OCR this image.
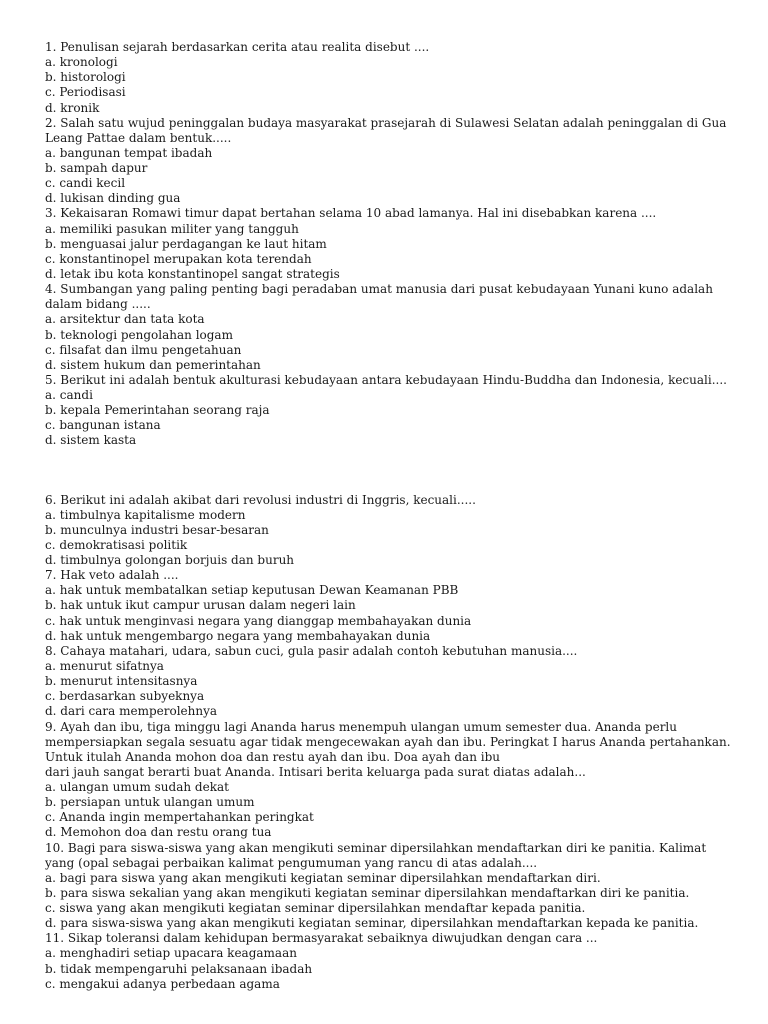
1. Penulisan sejarah berdasarkan cerita atau realita disebut ....
a. kronologi
b. historologi
c. Periodisasi
d. kronik
2. Salah satu wujud peninggalan budaya masyarakat prasejarah di Sulawesi Selatan adalah peninggalan di Gua
Leang Pattae dalam bentuk.....
a. bangunan tempat ibadah
b. sampah dapur
c. candi kecil
d. lukisan dinding gua
3. Kekaisaran Romawi timur dapat bertahan selama 10 abad lamanya. Hal ini disebabkan karena ....
a. memiliki pasukan militer yang tangguh
b. menguasai jalur perdagangan ke laut hitam
c. konstantinopel merupakan kota terendah
d. letak ibu kota konstantinopel sangat strategis
4. Sumbangan yang paling penting bagi peradaban umat manusia dari pusat kebudayaan Yunani kuno adalah
dalam bidang .....
a. arsitektur dan tata kota
b. teknologi pengolahan logam
c. filsafat dan ilmu pengetahuan
d. sistem hukum dan pemerintahan
5. Berikut ini adalah bentuk akulturasi kebudayaan antara kebudayaan Hindu-Buddha dan Indonesia, kecuali....
a. candi
b. kepala Pemerintahan seorang raja
c. bangunan istana
d. sistem kasta
6. Berikut ini adalah akibat dari revolusi industri di Inggris, kecuali.....
a. timbulnya kapitalisme modern
b. munculnya industri besar-besaran
c. demokratisasi politik
d. timbulnya golongan borjuis dan buruh
7. Hak veto adalah ....
a. hak untuk membatalkan setiap keputusan Dewan Keamanan PBB
b. hak untuk ikut campur urusan dalam negeri lain
c. hak untuk menginvasi negara yang dianggap membahayakan dunia
d. hak untuk mengembargo negara yang membahayakan dunia
8. Cahaya matahari, udara, sabun cuci, gula pasir adalah contoh kebutuhan manusia....
a. menurut sifatnya
b. menurut intensitasnya
c. berdasarkan subyeknya
d. dari cara memperolehnya
9. Ayah dan ibu, tiga minggu lagi Ananda harus menempuh ulangan umum semester dua. Ananda perlu
mempersiapkan segala sesuatu agar tidak mengecewakan ayah dan ibu. Peringkat I harus Ananda pertahankan.
Untuk itulah Ananda mohon doa dan restu ayah dan ibu. Doa ayah dan ibu
dari jauh sangat berarti buat Ananda. Intisari berita keluarga pada surat diatas adalah...
a. ulangan umum sudah dekat
b. persiapan untuk ulangan umum
c. Ananda ingin mempertahankan peringkat
d. Memohon doa dan restu orang tua
10. Bagi para siswa-siswa yang akan mengikuti seminar dipersilahkan mendaftarkan diri ke panitia. Kalimat
yang (opal sebagai perbaikan kalimat pengumuman yang rancu di atas adalah....
a. bagi para siswa yang akan mengikuti kegiatan seminar dipersilahkan mendaftarkan diri.
b. para siswa sekalian yang akan mengikuti kegiatan seminar dipersilahkan mendaftarkan diri ke panitia.
c. siswa yang akan mengikuti kegiatan seminar dipersilahkan mendaftar kepada panitia.
d. para siswa-siswa yang akan mengikuti kegiatan seminar, dipersilahkan mendaftarkan kepada ke panitia.
11. Sikap toleransi dalam kehidupan bermasyarakat sebaiknya diwujudkan dengan cara ...
a. menghadiri setiap upacara keagamaan
b. tidak mempengaruhi pelaksanaan ibadah
c. mengakui adanya perbedaan agama
